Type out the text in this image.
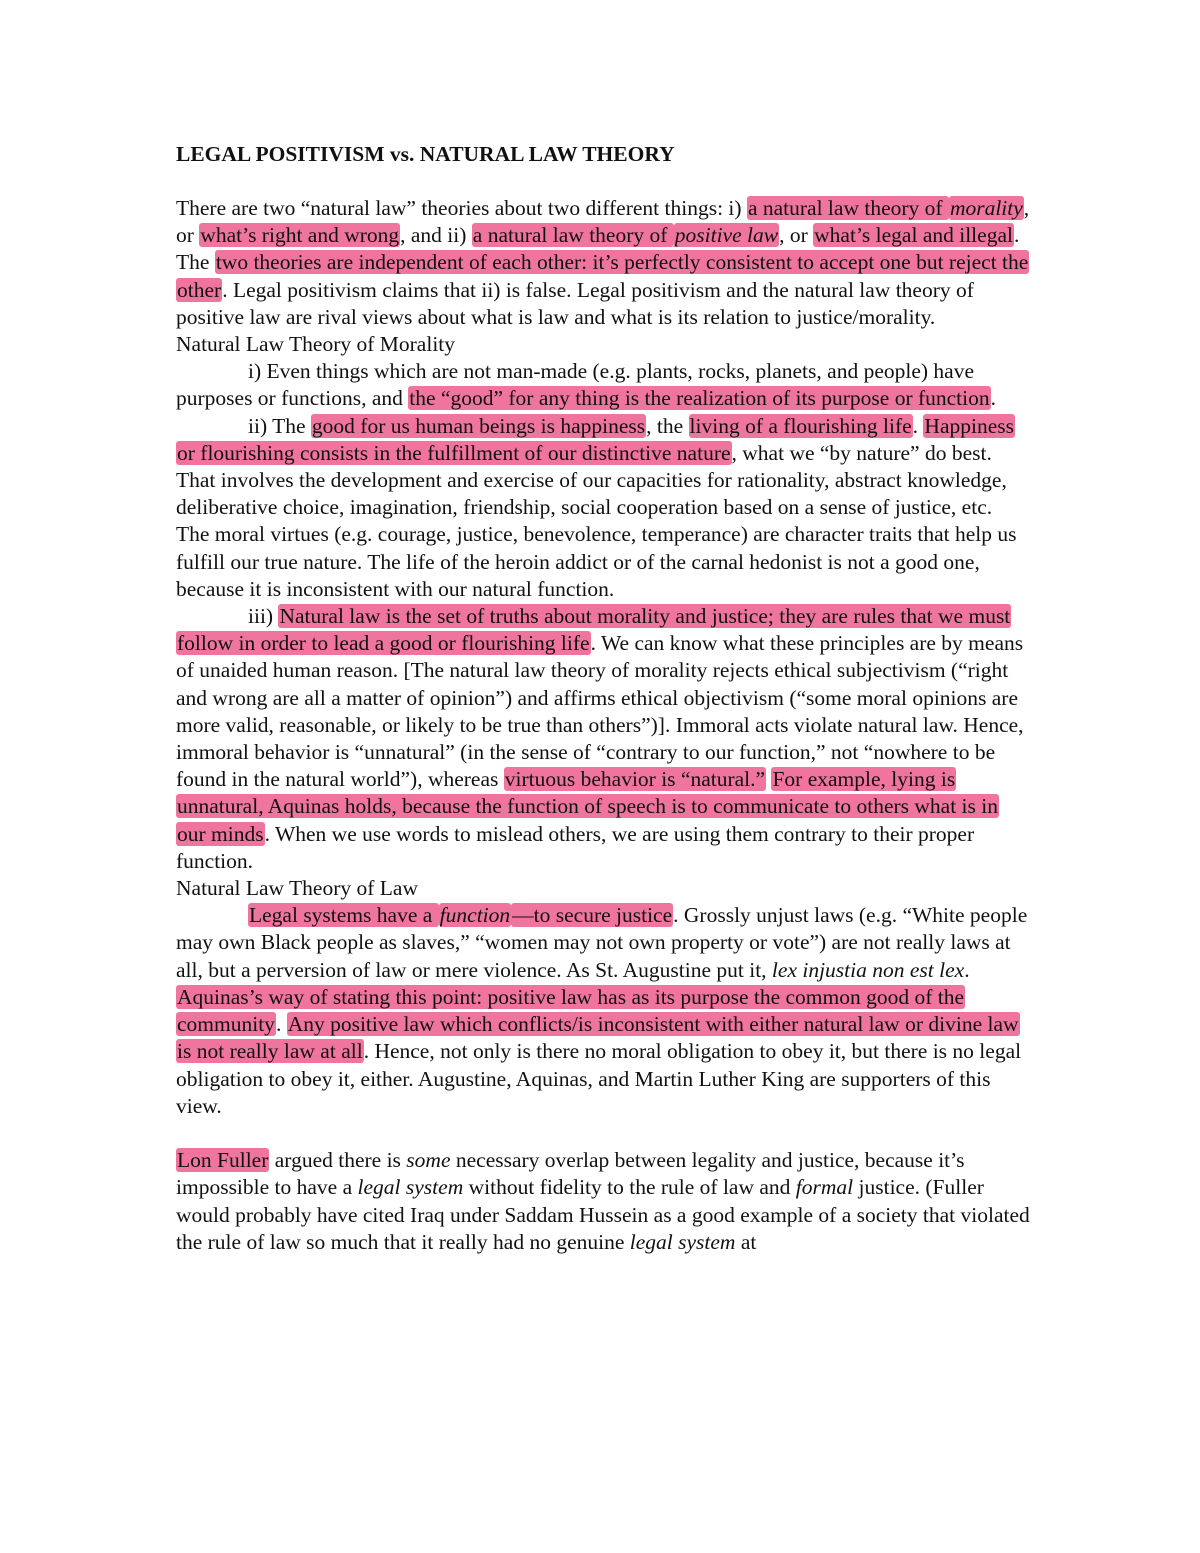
LEGAL POSITIVISM vs. NATURAL LAW THEORY

There are two “natural law” theories about two different things: i) a natural law theory of morality, or what’s right and wrong, and ii) a natural law theory of positive law, or what’s legal and illegal. The two theories are independent of each other: it’s perfectly consistent to accept one but reject the other. Legal positivism claims that ii) is false. Legal positivism and the natural law theory of positive law are rival views about what is law and what is its relation to justice/morality.

Natural Law Theory of Morality

i) Even things which are not man-made (e.g. plants, rocks, planets, and people) have purposes or functions, and the “good” for any thing is the realization of its purpose or function.

ii) The good for us human beings is happiness, the living of a flourishing life. Happiness or flourishing consists in the fulfillment of our distinctive nature, what we “by nature” do best. That involves the development and exercise of our capacities for rationality, abstract knowledge, deliberative choice, imagination, friendship, social cooperation based on a sense of justice, etc. The moral virtues (e.g. courage, justice, benevolence, temperance) are character traits that help us fulfill our true nature. The life of the heroin addict or of the carnal hedonist is not a good one, because it is inconsistent with our natural function.

iii) Natural law is the set of truths about morality and justice; they are rules that we must follow in order to lead a good or flourishing life. We can know what these principles are by means of unaided human reason. [The natural law theory of morality rejects ethical subjectivism (“right and wrong are all a matter of opinion”) and affirms ethical objectivism (“some moral opinions are more valid, reasonable, or likely to be true than others”)]. Immoral acts violate natural law. Hence, immoral behavior is “unnatural” (in the sense of “contrary to our function,” not “nowhere to be found in the natural world”), whereas virtuous behavior is “natural.” For example, lying is unnatural, Aquinas holds, because the function of speech is to communicate to others what is in our minds. When we use words to mislead others, we are using them contrary to their proper function.

Natural Law Theory of Law

Legal systems have a function—to secure justice. Grossly unjust laws (e.g. “White people may own Black people as slaves,” “women may not own property or vote”) are not really laws at all, but a perversion of law or mere violence. As St. Augustine put it, lex injustia non est lex. Aquinas’s way of stating this point: positive law has as its purpose the common good of the community. Any positive law which conflicts/is inconsistent with either natural law or divine law is not really law at all. Hence, not only is there no moral obligation to obey it, but there is no legal obligation to obey it, either. Augustine, Aquinas, and Martin Luther King are supporters of this view.

Lon Fuller argued there is some necessary overlap between legality and justice, because it’s impossible to have a legal system without fidelity to the rule of law and formal justice. (Fuller would probably have cited Iraq under Saddam Hussein as a good example of a society that violated the rule of law so much that it really had no genuine legal system at
